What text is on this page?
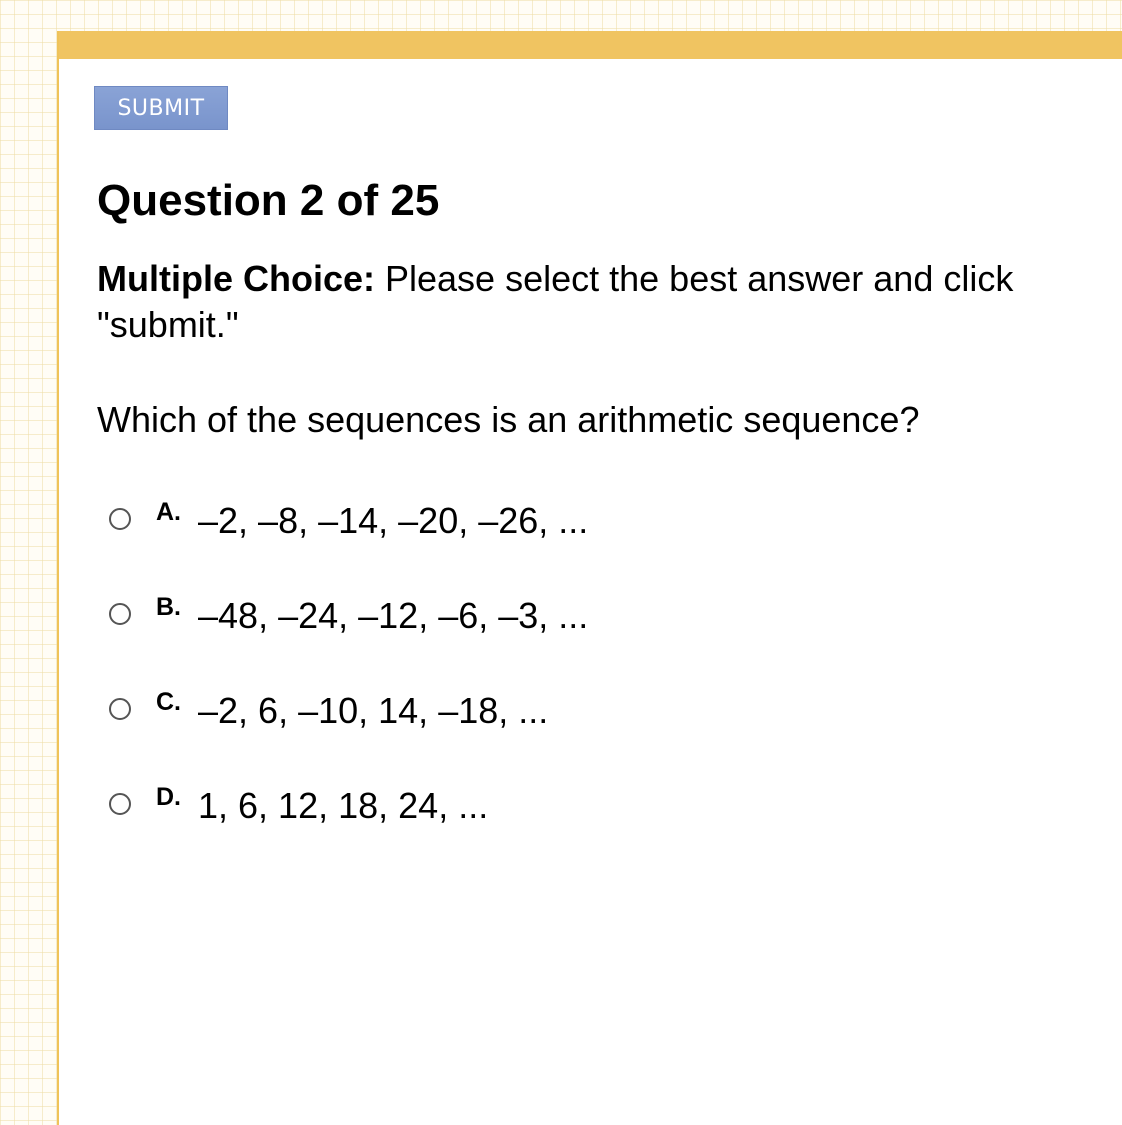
SUBMIT
Question 2 of 25
Multiple Choice: Please select the best answer and click "submit."
Which of the sequences is an arithmetic sequence?
A. –2, –8, –14, –20, –26, ...
B. –48, –24, –12, –6, –3, ...
C. –2, 6, –10, 14, –18, ...
D. 1, 6, 12, 18, 24, ...
